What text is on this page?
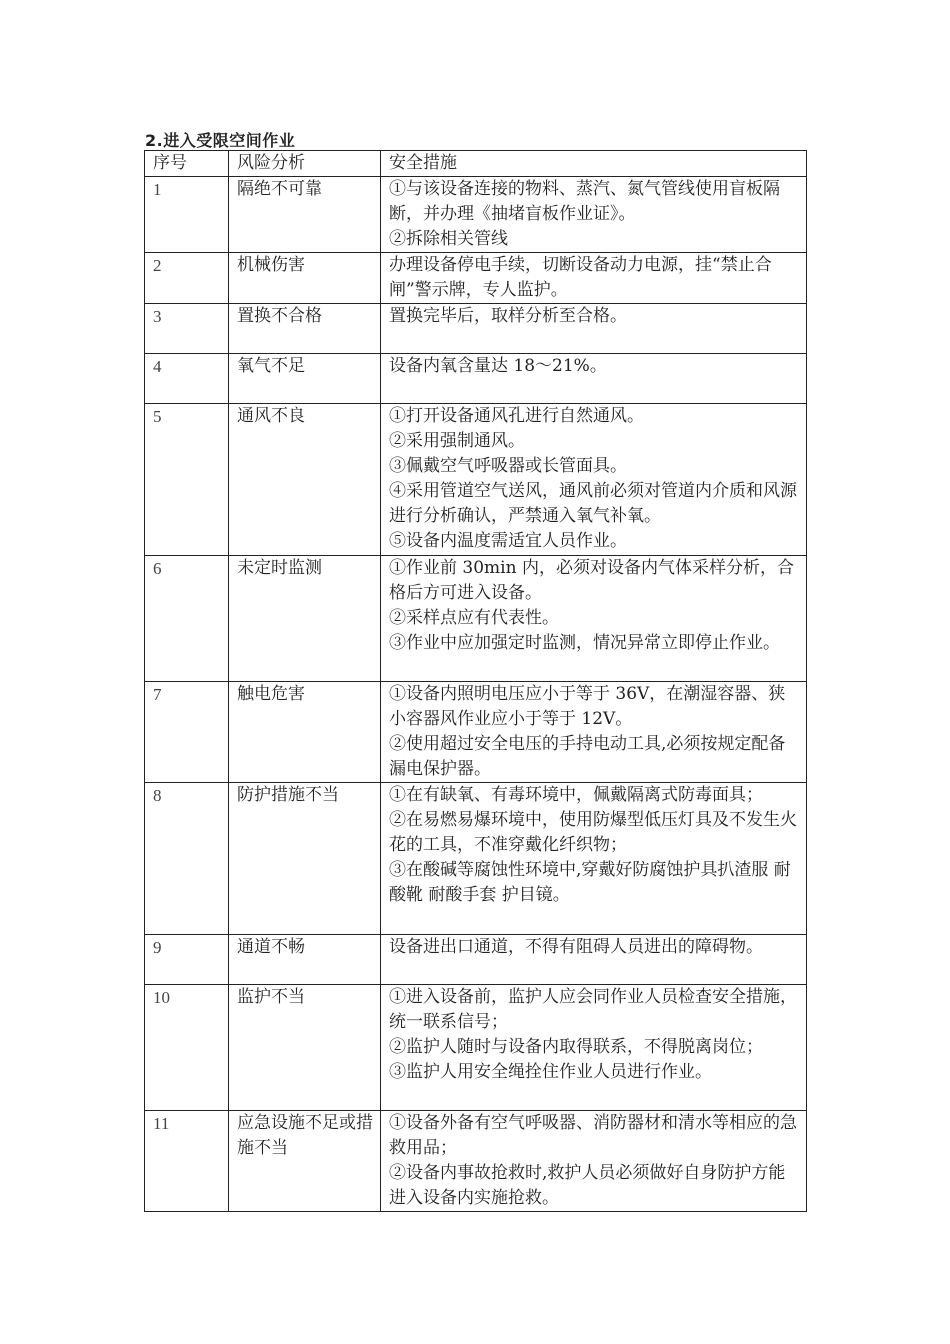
2.进入受限空间作业
序号	风险分析	安全措施
1	隔绝不可靠	①与该设备连接的物料、蒸汽、氮气管线使用盲板隔断，并办理《抽堵盲板作业证》。
②拆除相关管线

2	机械伤害	办理设备停电手续，切断设备动力电源，挂“禁止合闸”警示牌，专人监护。

3	置换不合格	置换完毕后，取样分析至合格。

4	氧气不足	设备内氧含量达 18～21%。

5	通风不良	①打开设备通风孔进行自然通风。
②采用强制通风。
③佩戴空气呼吸器或长管面具。
④采用管道空气送风，通风前必须对管道内介质和风源进行分析确认，严禁通入氧气补氧。
⑤设备内温度需适宜人员作业。

6	未定时监测	①作业前 30min 内，必须对设备内气体采样分析，合格后方可进入设备。
②采样点应有代表性。
③作业中应加强定时监测，情况异常立即停止作业。

7	触电危害	①设备内照明电压应小于等于 36V，在潮湿容器、狭小容器风作业应小于等于 12V。
②使用超过安全电压的手持电动工具,必须按规定配备漏电保护器。

8	防护措施不当	①在有缺氧、有毒环境中，佩戴隔离式防毒面具；
②在易燃易爆环境中，使用防爆型低压灯具及不发生火花的工具，不准穿戴化纤织物；
③在酸碱等腐蚀性环境中,穿戴好防腐蚀护具扒渣服 耐酸靴 耐酸手套 护目镜。

9	通道不畅	设备进出口通道，不得有阻碍人员进出的障碍物。

10	监护不当	①进入设备前，监护人应会同作业人员检查安全措施，统一联系信号；
②监护人随时与设备内取得联系，不得脱离岗位；
③监护人用安全绳拴住作业人员进行作业。

11	应急设施不足或措施不当	①设备外备有空气呼吸器、消防器材和清水等相应的急救用品；
②设备内事故抢救时,救护人员必须做好自身防护方能进入设备内实施抢救。
